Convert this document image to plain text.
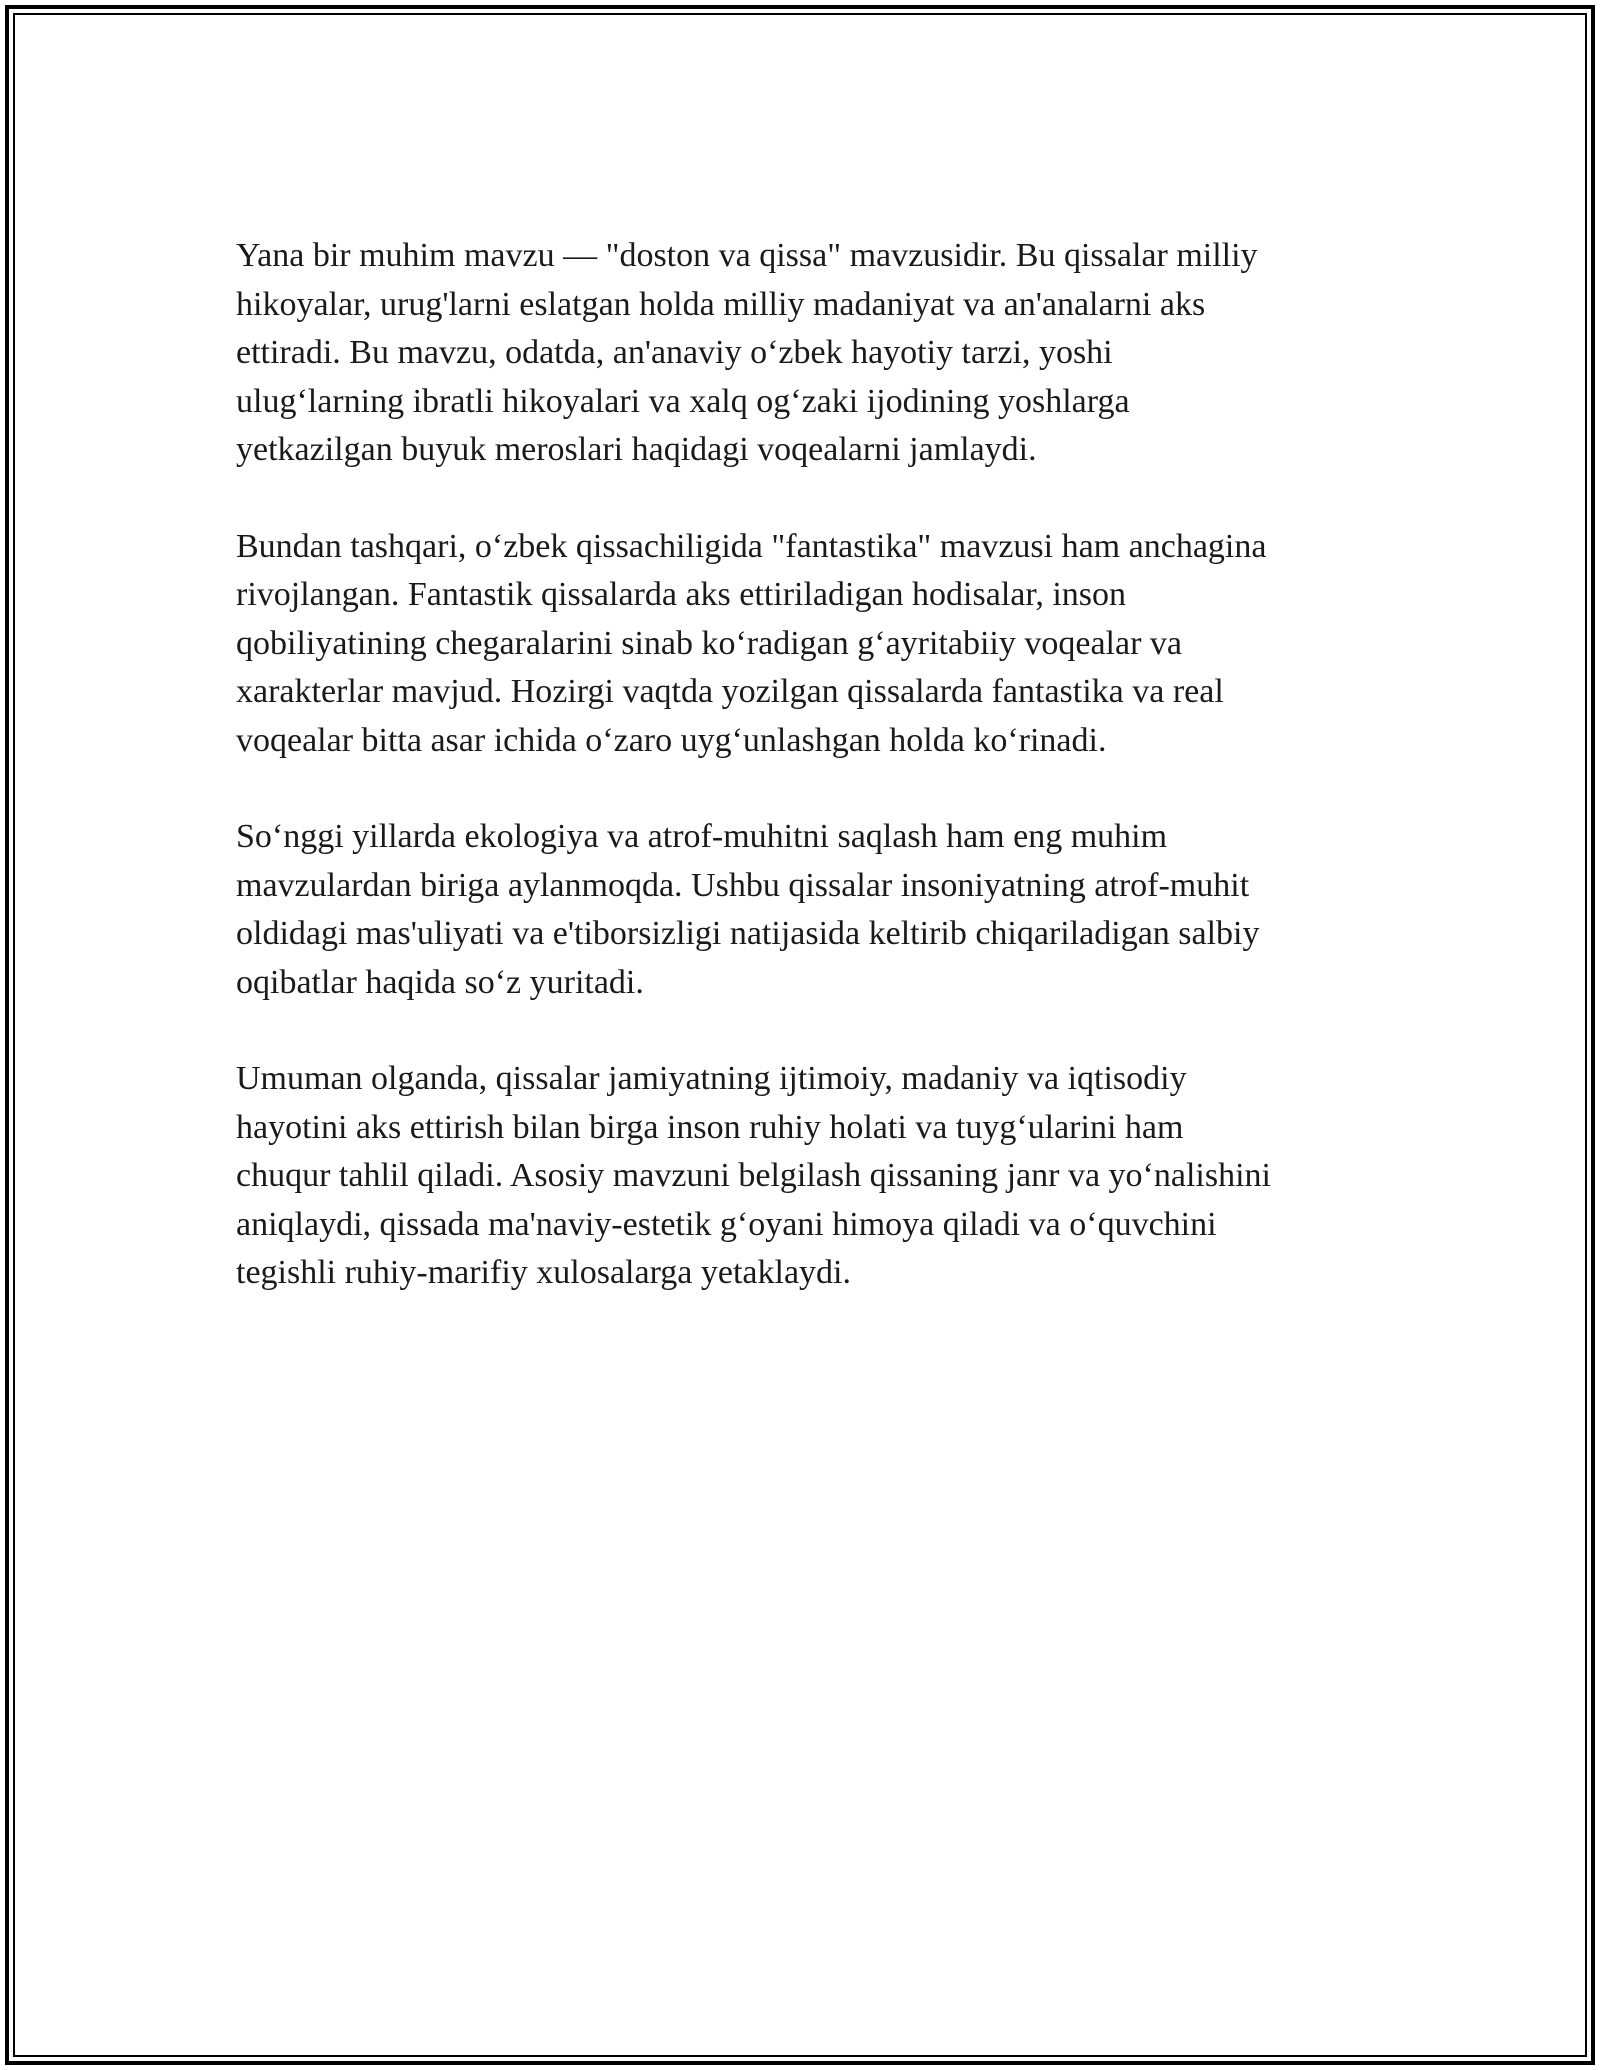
Yana bir muhim mavzu — "doston va qissa" mavzusidir. Bu qissalar milliy
hikoyalar, urug'larni eslatgan holda milliy madaniyat va an'analarni aks
ettiradi. Bu mavzu, odatda, an'anaviy o‘zbek hayotiy tarzi, yoshi
ulug‘larning ibratli hikoyalari va xalq og‘zaki ijodining yoshlarga
yetkazilgan buyuk meroslari haqidagi voqealarni jamlaydi.

Bundan tashqari, o‘zbek qissachiligida "fantastika" mavzusi ham anchagina
rivojlangan. Fantastik qissalarda aks ettiriladigan hodisalar, inson
qobiliyatining chegaralarini sinab ko‘radigan g‘ayritabiiy voqealar va
xarakterlar mavjud. Hozirgi vaqtda yozilgan qissalarda fantastika va real
voqealar bitta asar ichida o‘zaro uyg‘unlashgan holda ko‘rinadi.

So‘nggi yillarda ekologiya va atrof-muhitni saqlash ham eng muhim
mavzulardan biriga aylanmoqda. Ushbu qissalar insoniyatning atrof-muhit
oldidagi mas'uliyati va e'tiborsizligi natijasida keltirib chiqariladigan salbiy
oqibatlar haqida so‘z yuritadi.

Umuman olganda, qissalar jamiyatning ijtimoiy, madaniy va iqtisodiy
hayotini aks ettirish bilan birga inson ruhiy holati va tuyg‘ularini ham
chuqur tahlil qiladi. Asosiy mavzuni belgilash qissaning janr va yo‘nalishini
aniqlaydi, qissada ma'naviy-estetik g‘oyani himoya qiladi va o‘quvchini
tegishli ruhiy-marifiy xulosalarga yetaklaydi.
